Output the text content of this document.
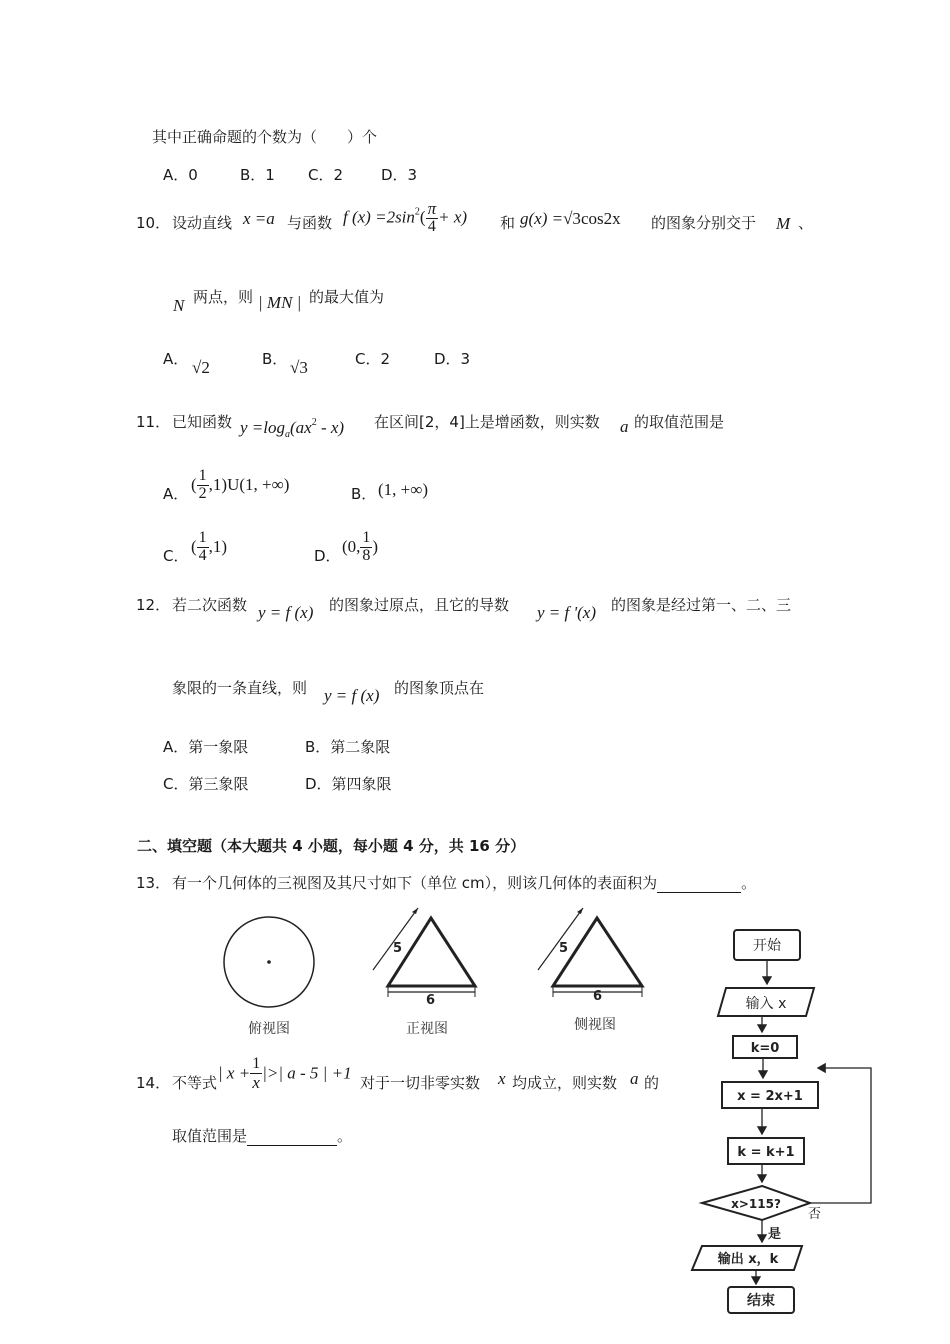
其中正确命题的个数为（　　）个
A．0	B．1 C．2	D．3
10． 设动直线 x =a 与函数 f $(x) =2\sin^2( \frac{\pi}{4} + x)$ 和 g(x) =√3cos2x 的图象分别交于 M 、
N 两点，则 | MN | 的最大值为
A． √2	B． √3	C．2	D．3
11． 已知函数 $y =\log_a(ax^2 - x)$ 在区间[2，4]上是增函数，则实数 a 的取值范围是
A．
( $\frac{1}{2} ,1)U(1$, +∞)
B． (1, +∞)
C．
( $\frac{1}{4} ,1$)
D．
(0, $\frac{1}{8}$ )
12． 若二次函数 y = f (x) 的图象过原点，且它的导数 y = f '(x) 的图象是经过第一、二、三
象限的一条直线，则 y = f (x) 的图象顶点在
A．第一象限	B．第二象限
C．第三象限	D．第四象限
二、填空题（本大题共 4 小题，每小题 4 分，共 16 分）
13． 有一个几何体的三视图及其尺寸如下（单位 cm），则该几何体的表面积为	。
俯视图
5
6
正视图
5
6
侧视图
14． 不等式
| $x + \frac{1}{x}$ |>| a - 5 | +1
对于一切非零实数 x 均成立，则实数 a 的
取值范围是	。
开始
输入 x
k=0
x = 2x+1
k = k+1
x>115?
否
是
输出 x，k
结束
